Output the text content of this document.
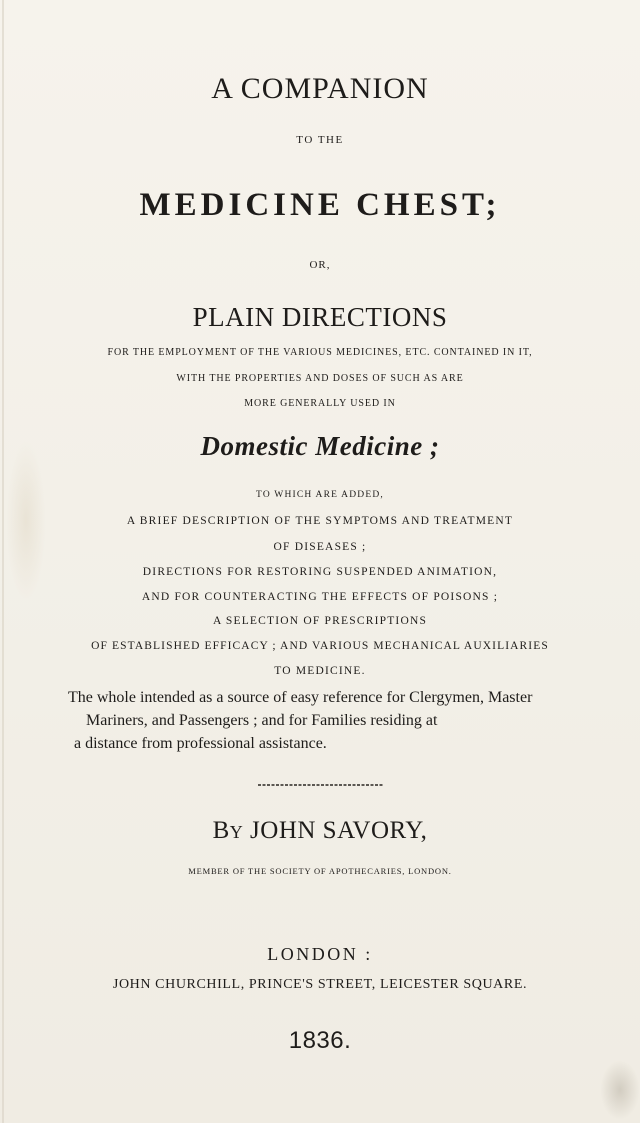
A COMPANION
TO THE
MEDICINE CHEST;
OR,
PLAIN DIRECTIONS
FOR THE EMPLOYMENT OF THE VARIOUS MEDICINES, ETC. CONTAINED IN IT,
WITH THE PROPERTIES AND DOSES OF SUCH AS ARE
MORE GENERALLY USED IN
Domestic Medicine ;
TO WHICH ARE ADDED,
A BRIEF DESCRIPTION OF THE SYMPTOMS AND TREATMENT
OF DISEASES ;
DIRECTIONS FOR RESTORING SUSPENDED ANIMATION,
AND FOR COUNTERACTING THE EFFECTS OF POISONS ;
A SELECTION OF PRESCRIPTIONS
OF ESTABLISHED EFFICACY ; AND VARIOUS MECHANICAL AUXILIARIES
TO MEDICINE.
The whole intended as a source of easy reference for Clergymen, Master
Mariners, and Passengers ; and for Families residing at
a distance from professional assistance.
By JOHN SAVORY,
MEMBER OF THE SOCIETY OF APOTHECARIES, LONDON.
LONDON :
JOHN CHURCHILL, PRINCE'S STREET, LEICESTER SQUARE.
1836.
